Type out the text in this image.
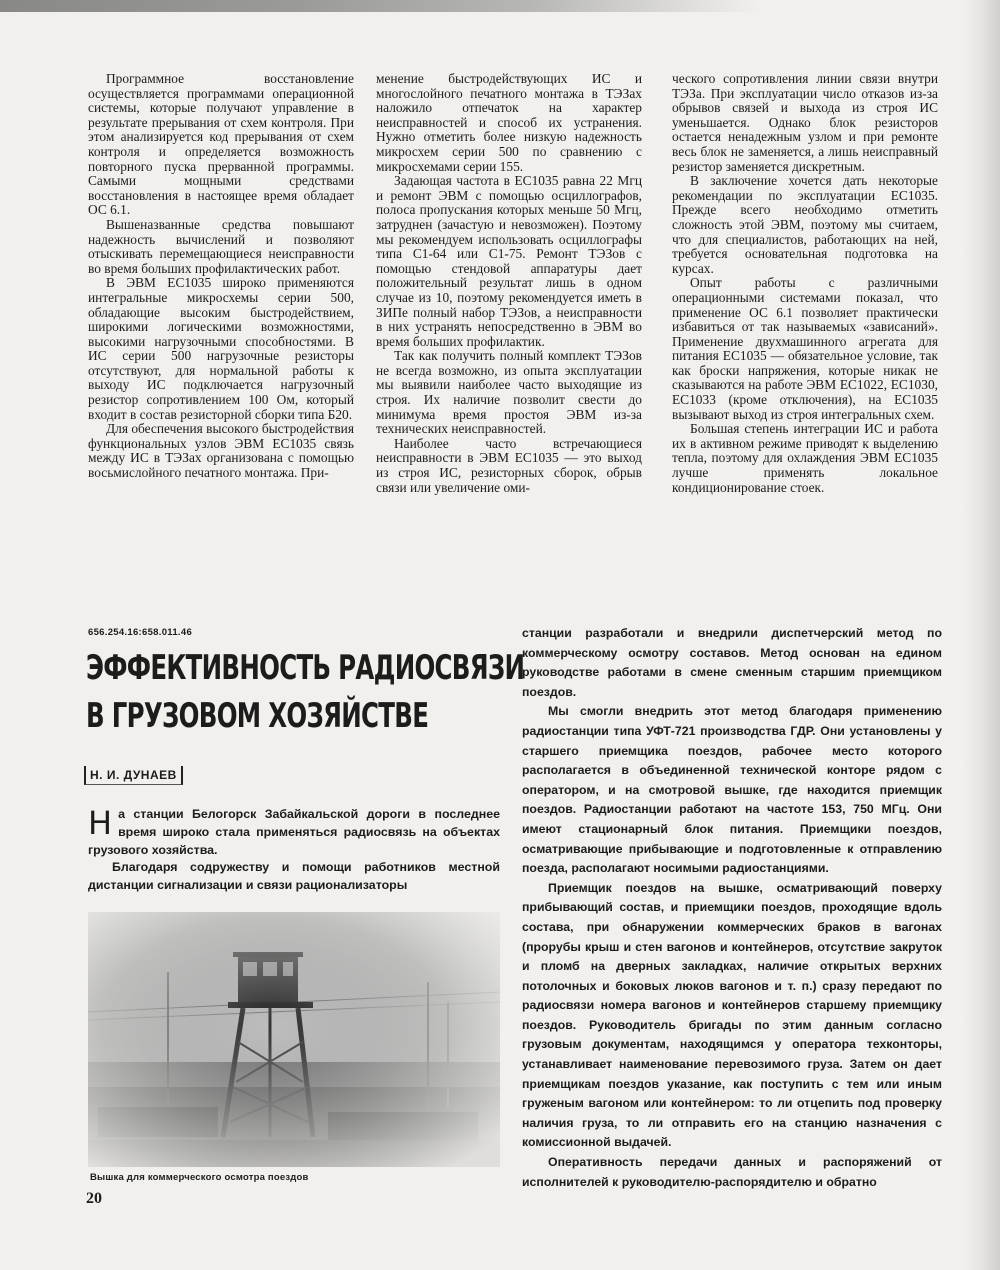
Программное восстановление осуществляется программами операционной системы, которые получают управление в результате прерывания от схем контроля. При этом анализируется код прерывания от схем контроля и определяется возможность повторного пуска прерванной программы. Самыми мощными средствами восстановления в настоящее время обладает ОС 6.1.

Вышеназванные средства повышают надежность вычислений и позволяют отыскивать перемещающиеся неисправности во время больших профилактических работ.

В ЭВМ ЕС1035 широко применяются интегральные микросхемы серии 500, обладающие высоким быстродействием, широкими логическими возможностями, высокими нагрузочными способностями. В ИС серии 500 нагрузочные резисторы отсутствуют, для нормальной работы к выходу ИС подключается нагрузочный резистор сопротивлением 100 Ом, который входит в состав резисторной сборки типа Б20.

Для обеспечения высокого быстродействия функциональных узлов ЭВМ ЕС1035 связь между ИС в ТЭЗах организована с помощью восьмислойного печатного монтажа. При-

менение быстродействующих ИС и многослойного печатного монтажа в ТЭЗах наложило отпечаток на характер неисправностей и способ их устранения. Нужно отметить более низкую надежность микросхем серии 500 по сравнению с микросхемами серии 155.

Задающая частота в ЕС1035 равна 22 Мгц и ремонт ЭВМ с помощью осциллографов, полоса пропускания которых меньше 50 Мгц, затруднен (зачастую и невозможен). Поэтому мы рекомендуем использовать осциллографы типа С1-64 или С1-75. Ремонт ТЭЗов с помощью стендовой аппаратуры дает положительный результат лишь в одном случае из 10, поэтому рекомендуется иметь в ЗИПе полный набор ТЭЗов, а неисправности в них устранять непосредственно в ЭВМ во время больших профилактик.

Так как получить полный комплект ТЭЗов не всегда возможно, из опыта эксплуатации мы выявили наиболее часто выходящие из строя. Их наличие позволит свести до минимума время простоя ЭВМ из-за технических неисправностей.

Наиболее часто встречающиеся неисправности в ЭВМ ЕС1035 — это выход из строя ИС, резисторных сборок, обрыв связи или увеличение оми-

ческого сопротивления линии связи внутри ТЭЗа. При эксплуатации число отказов из-за обрывов связей и выхода из строя ИС уменьшается. Однако блок резисторов остается ненадежным узлом и при ремонте весь блок не заменяется, а лишь неисправный резистор заменяется дискретным.

В заключение хочется дать некоторые рекомендации по эксплуатации ЕС1035. Прежде всего необходимо отметить сложность этой ЭВМ, поэтому мы считаем, что для специалистов, работающих на ней, требуется основательная подготовка на курсах.

Опыт работы с различными операционными системами показал, что применение ОС 6.1 позволяет практически избавиться от так называемых «зависаний». Применение двухмашинного агрегата для питания ЕС1035 — обязательное условие, так как броски напряжения, которые никак не сказываются на работе ЭВМ ЕС1022, ЕС1030, ЕС1033 (кроме отключения), на ЕС1035 вызывают выход из строя интегральных схем.

Большая степень интеграции ИС и работа их в активном режиме приводят к выделению тепла, поэтому для охлаждения ЭВМ ЕС1035 лучше применять локальное кондиционирование стоек.

656.254.16:658.011.46
ЭФФЕКТИВНОСТЬ РАДИОСВЯЗИ
В ГРУЗОВОМ ХОЗЯЙСТВЕ
Н. И. ДУНАЕВ

На станции Белогорск Забайкальской дороги в последнее время широко стала применяться радиосвязь на объектах грузового хозяйства.

Благодаря содружеству и помощи работников местной дистанции сигнализации и связи рационализаторы

Вышка для коммерческого осмотра поездов
20

станции разработали и внедрили диспетчерский метод по коммерческому осмотру составов. Метод основан на едином руководстве работами в смене сменным старшим приемщиком поездов.

Мы смогли внедрить этот метод благодаря применению радиостанции типа УФТ-721 производства ГДР. Они установлены у старшего приемщика поездов, рабочее место которого располагается в объединенной технической конторе рядом с оператором, и на смотровой вышке, где находится приемщик поездов. Радиостанции работают на частоте 153, 750 МГц. Они имеют стационарный блок питания. Приемщики поездов, осматривающие прибывающие и подготовленные к отправлению поезда, располагают носимыми радиостанциями.

Приемщик поездов на вышке, осматривающий поверху прибывающий состав, и приемщики поездов, проходящие вдоль состава, при обнаружении коммерческих браков в вагонах (прорубы крыш и стен вагонов и контейнеров, отсутствие закруток и пломб на дверных закладках, наличие открытых верхних потолочных и боковых люков вагонов и т. п.) сразу передают по радиосвязи номера вагонов и контейнеров старшему приемщику поездов. Руководитель бригады по этим данным согласно грузовым документам, находящимся у оператора техконторы, устанавливает наименование перевозимого груза. Затем он дает приемщикам поездов указание, как поступить с тем или иным груженым вагоном или контейнером: то ли отцепить под проверку наличия груза, то ли отправить его на станцию назначения с комиссионной выдачей.

Оперативность передачи данных и распоряжений от исполнителей к руководителю-распорядителю и обратно
